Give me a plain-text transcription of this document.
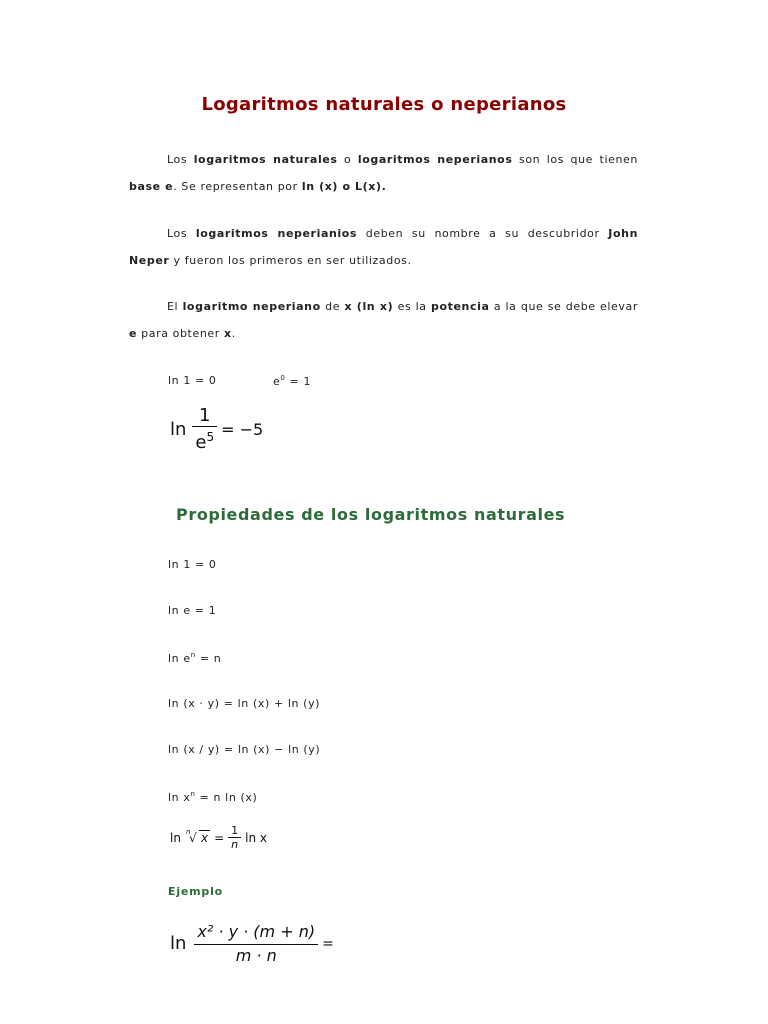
Logaritmos naturales o neperianos
Los logaritmos naturales o logaritmos neperianos son los que tienen base e. Se representan por ln (x) o L(x).
Los logaritmos neperianios deben su nombre a su descubridor John Neper y fueron los primeros en ser utilizados.
El logaritmo neperiano de x (ln x) es la potencia a la que se debe elevar e para obtener x.
ln 1 = 0	$e^0 = 1$
$\ln \frac{1}{e^5} = -5$
Propiedades de los logaritmos naturales
ln 1 = 0
ln e = 1
$\ln e^n = n$
ln (x · y) = ln (x) + ln (y)
ln (x / y) = ln (x) − ln (y)
$\ln x^n = n$ ln (x)
ln n
√ $x = \frac{1}{n}$ ln x
Ejemplo
$\ln \frac{\text{x² · y · (m + n)}}{m \cdot n}$ =
